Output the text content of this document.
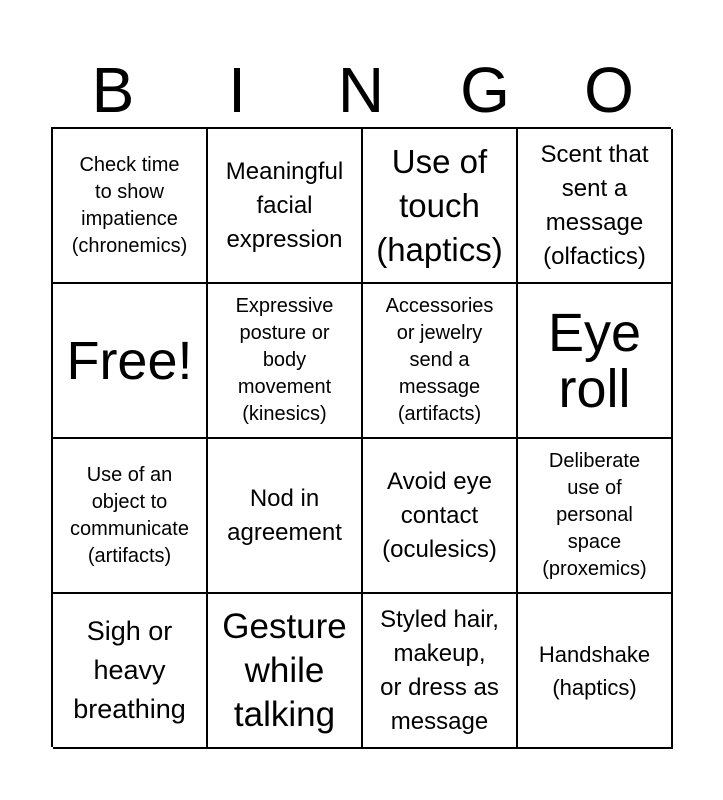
B	I	N	G	O
Check time
to show
impatience
(chronemics)
Meaningful
facial
expression
Use of
touch
(haptics)
Scent that
sent a
message
(olfactics)
Free!
Expressive
posture or
body
movement
(kinesics)
Accessories
or jewelry
send a
message
(artifacts)
Eye
roll
Use of an
object to
communicate
(artifacts)
Nod in
agreement
Avoid eye
contact
(oculesics)
Deliberate
use of
personal
space
(proxemics)
Sigh or
heavy
breathing
Gesture
while
talking
Styled hair,
makeup,
or dress as
message
Handshake
(haptics)
